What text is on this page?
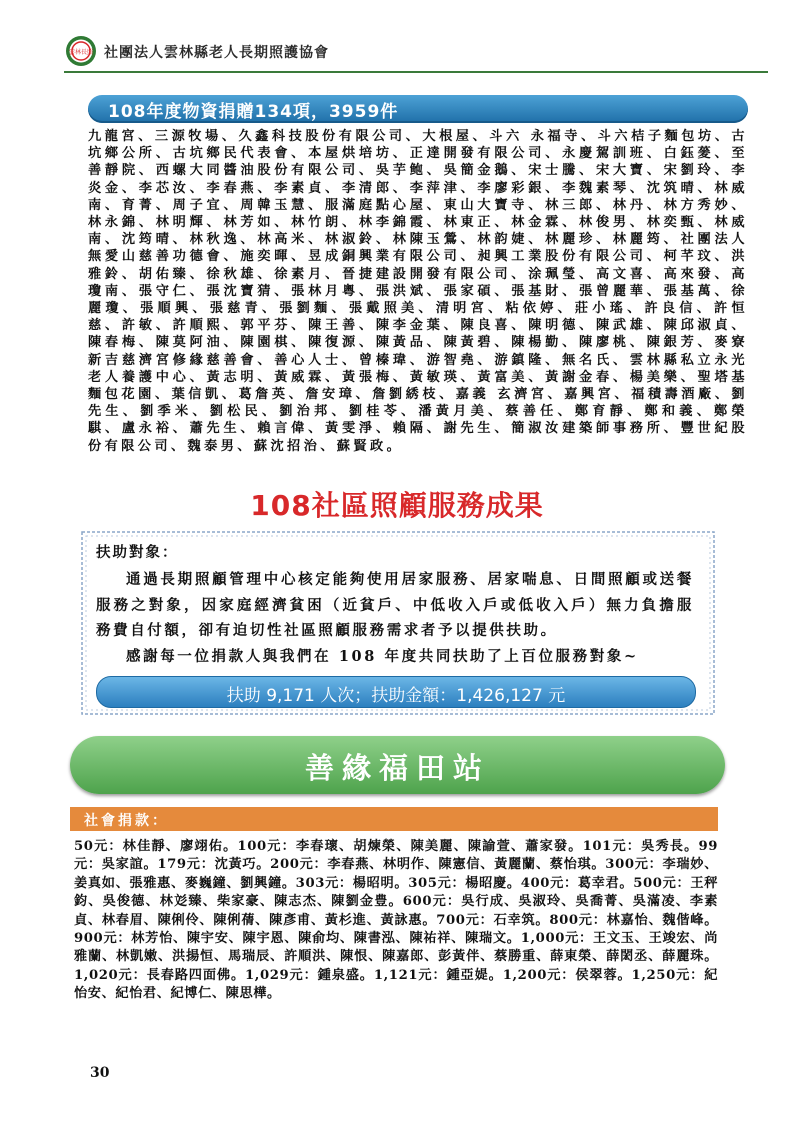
雲林長照 社團法人雲林縣老人長期照護協會
108年度物資捐贈134項，3959件
九龍宮、三源牧場、久鑫科技股份有限公司、大根屋、斗六 永福寺、斗六桔子麵包坊、古坑鄉公所、古坑鄉民代表會、本屋烘培坊、正達開發有限公司、永慶駕訓班、白鈺蓌、至善靜院、西螺大同醬油股份有限公司、吳芋鲍、吳簡金鵝、宋士騰、宋大寶、宋劉玲、李炎金、李芯汝、李春燕、李素貞、李清郎、李萍津、李廖彩銀、李魏素琴、沈筑晴、林威南、育菁、周子宜、周韓玉慧、服滿庭點心屋、東山大寶寺、林三郎、林丹、林方秀妙、林永錦、林明輝、林芳如、林竹朗、林李錦霞、林東正、林金霖、林俊男、林奕甄、林威南、沈筠晴、林秋逸、林高米、林淑鈴、林陳玉鶯、林韵婕、林麗珍、林麗筠、社團法人無愛山慈善功德會、施奕暉、昱成銅興業有限公司、昶興工業股份有限公司、柯芊玟、洪雅鈴、胡佑臻、徐秋雄、徐素月、晉捷建設開發有限公司、涂珮瑩、高文喜、高來發、高瓊南、張守仁、張沈寶猜、張林月粵、張洪斌、張家碩、張基財、張曾麗華、張基萬、徐麗瓊、張順興、張慈青、張劉麵、張戴照美、清明宮、粘依婷、莊小瑤、許良信、許恒慈、許敏、許順熙、郭平芬、陳王善、陳李金葉、陳良喜、陳明德、陳武雄、陳邱淑貞、陳春梅、陳莫阿油、陳園棋、陳復源、陳黃品、陳黃碧、陳楊勤、陳廖桃、陳銀芳、麥寮新吉慈濟宮修緣慈善會、善心人士、曾榛瑋、游智堯、游鎮隆、無名氏、雲林縣私立永光老人養護中心、黃志明、黃威霖、黃張梅、黃敏瑛、黃富美、黃謝金春、楊美樂、聖塔基麵包花園、葉信凱、葛詹英、詹安璋、詹劉綉枝、嘉義 玄濟宮、嘉興宮、福積壽酒廠、劉先生、劉季米、劉松民、劉治邦、劉桂苓、潘黃月美、蔡善任、鄭育靜、鄭和義、鄭榮騏、盧永裕、蕭先生、賴言偉、黃雯淨、賴隔、謝先生、簡淑汝建築師事務所、豐世紀股份有限公司、魏泰男、蘇沈招治、蘇賢政。
108社區照顧服務成果
扶助對象：

通過長期照顧管理中心核定能夠使用居家服務、居家喘息、日間照顧或送餐服務之對象，因家庭經濟貧困（近貧戶、中低收入戶或低收入戶）無力負擔服務費自付額，卻有迫切性社區照顧服務需求者予以提供扶助。

感謝每一位捐款人與我們在 108 年度共同扶助了上百位服務對象~

扶助 9,171 人次；扶助金額：1,426,127 元
善緣福田站
社會捐款：
50元：林佳靜、廖翊佑。100元：李春瓌、胡煉榮、陳美麗、陳諭萱、蕭家發。101元：吳秀長。99元：吳家誼。179元：沈黃巧。200元：李春燕、林明作、陳憲信、黃麗蘭、蔡怡琪。300元：李瑞妙、姜真如、張雅惠、麥巍鐘、劉興鐘。303元：楊昭明。305元：楊昭慶。400元：葛幸君。500元：王秤鈞、吳俊德、林彣臻、柴家豪、陳志杰、陳劉金豊。600元：吳行成、吳淑玲、吳喬菁、吳滿凌、李素貞、林春眉、陳俐伶、陳俐蒨、陳彥甫、黃杉進、黃詠惠。700元：石幸筑。800元：林嘉怡、魏偕峰。900元：林芳怡、陳宇安、陳宇恩、陳俞均、陳書泓、陳祐祥、陳瑞文。1,000元：王文玉、王竣宏、尚雅蘭、林凱嫩、洪揚恒、馬瑞辰、許順洪、陳恨、陳嘉郎、彭黃伴、蔡勝重、薛東榮、薛閎丞、薛麗珠。1,020元：長春路四面佛。1,029元：鍾泉盛。1,121元：鍾亞媞。1,200元：侯翠蓉。1,250元：紀怡安、紀怡君、紀博仁、陳思樺。
30
